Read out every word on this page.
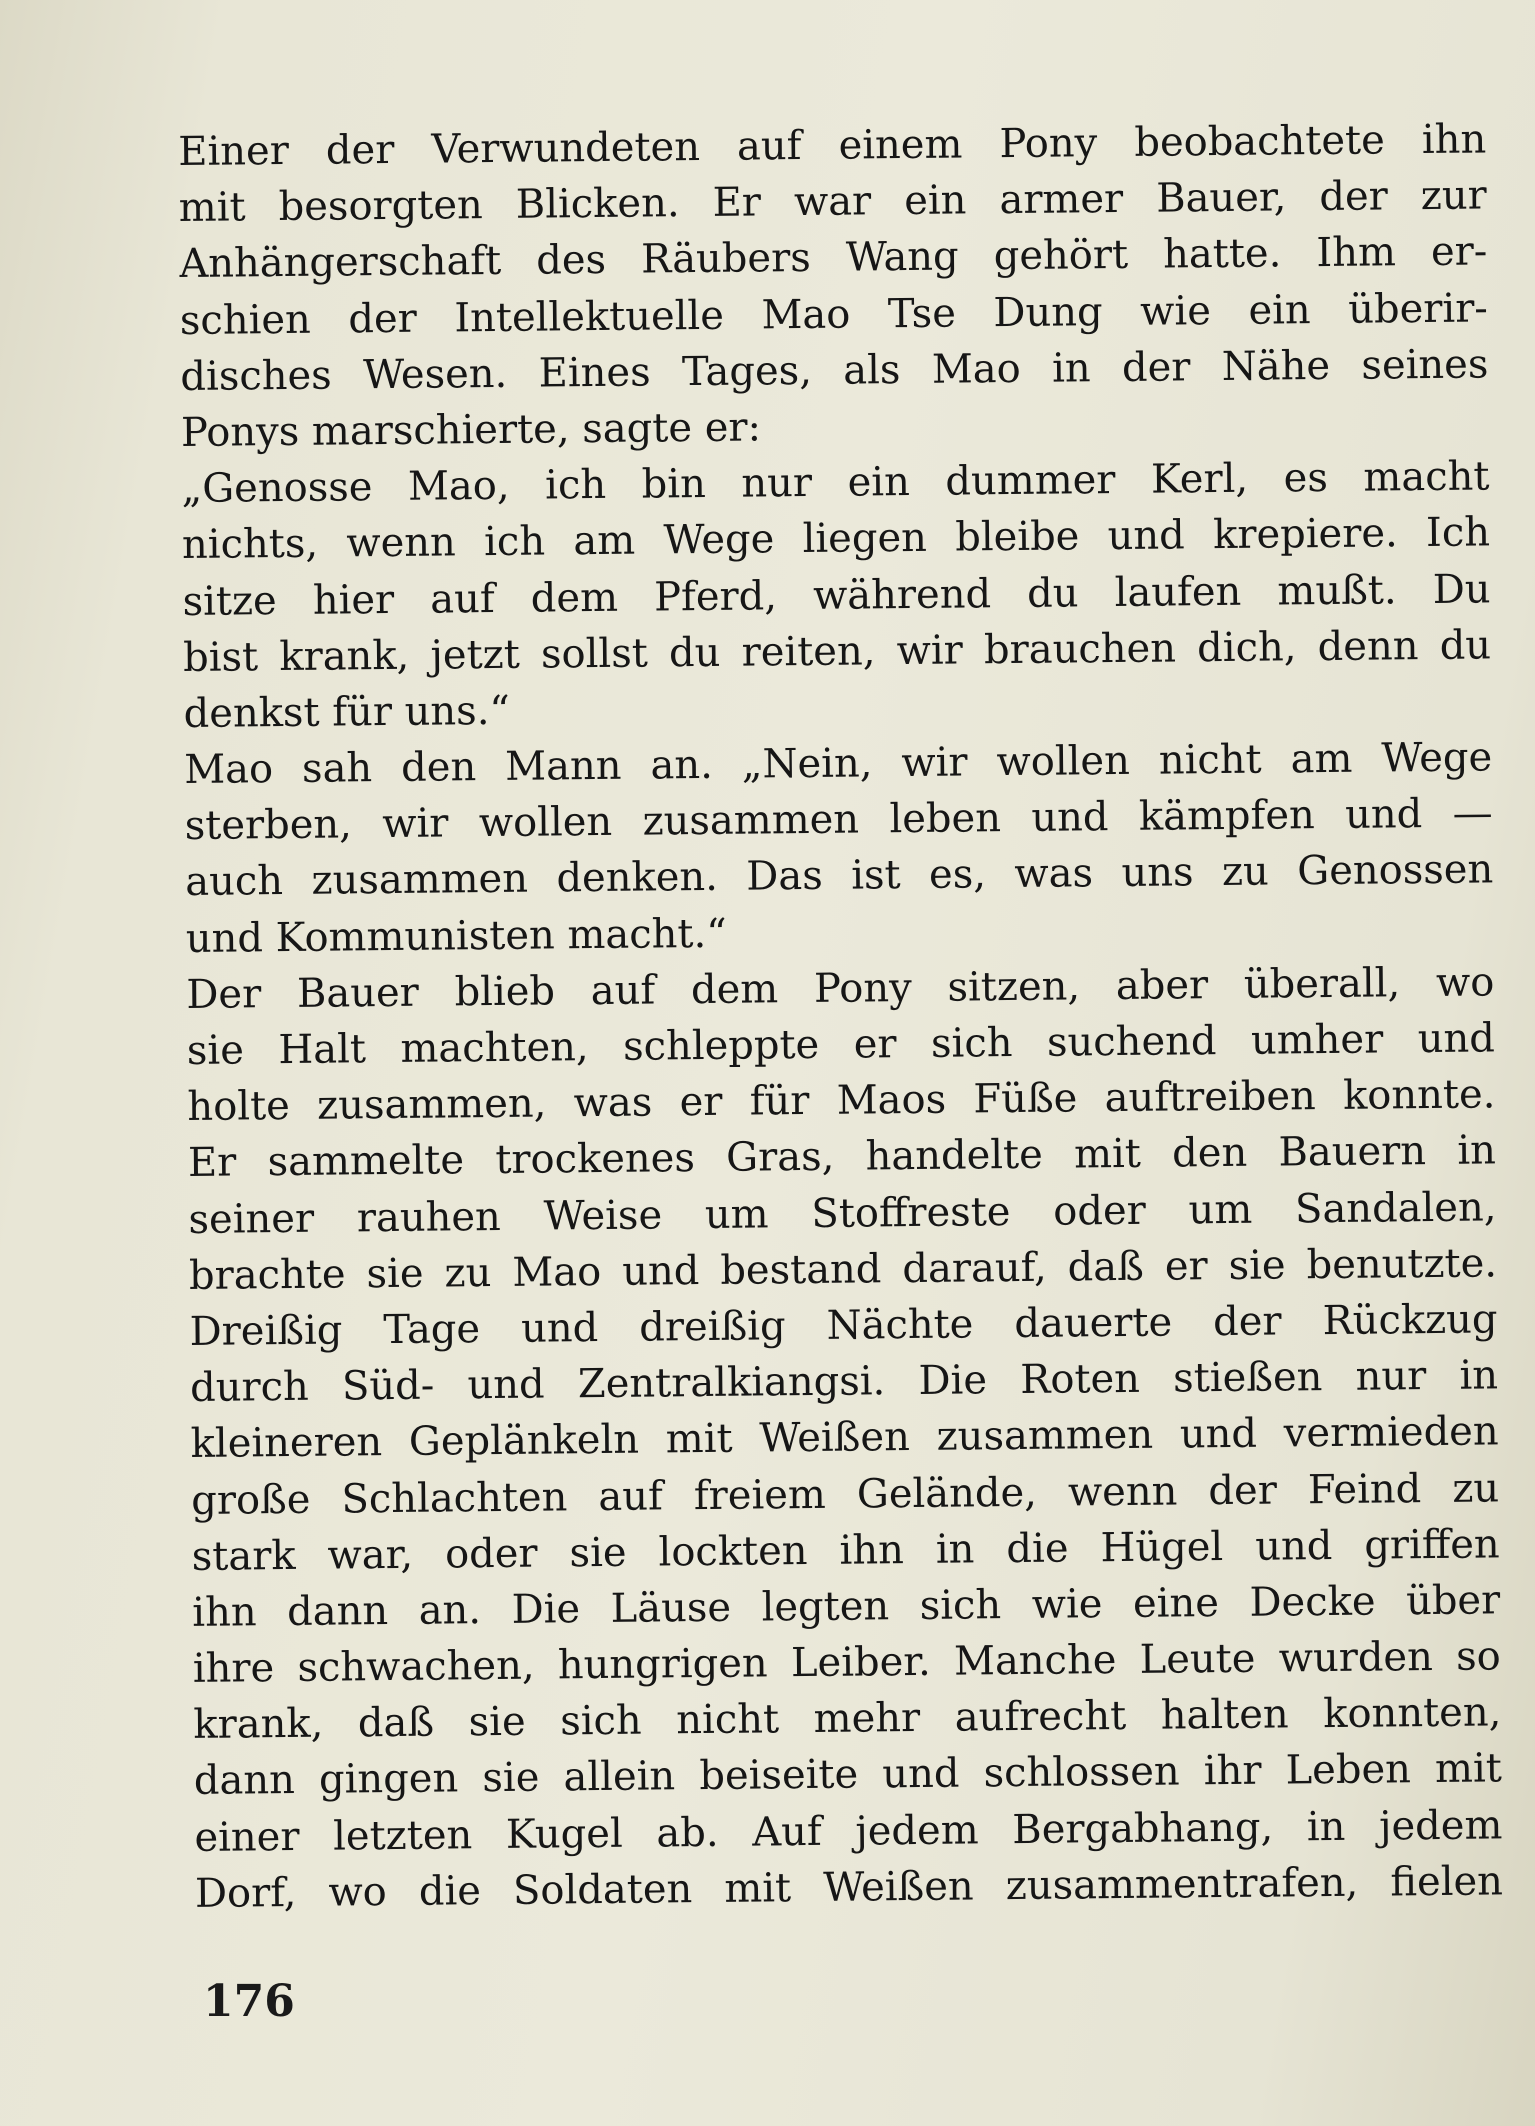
Einer der Verwundeten auf einem Pony beobachtete ihn
mit besorgten Blicken. Er war ein armer Bauer, der zur
Anhängerschaft des Räubers Wang gehört hatte. Ihm er-
schien der Intellektuelle Mao Tse Dung wie ein überir-
disches Wesen. Eines Tages, als Mao in der Nähe seines
Ponys marschierte, sagte er:
„Genosse Mao, ich bin nur ein dummer Kerl, es macht
nichts, wenn ich am Wege liegen bleibe und krepiere. Ich
sitze hier auf dem Pferd, während du laufen mußt. Du
bist krank, jetzt sollst du reiten, wir brauchen dich, denn du
denkst für uns.“
Mao sah den Mann an. „Nein, wir wollen nicht am Wege
sterben, wir wollen zusammen leben und kämpfen und —
auch zusammen denken. Das ist es, was uns zu Genossen
und Kommunisten macht.“
Der Bauer blieb auf dem Pony sitzen, aber überall, wo
sie Halt machten, schleppte er sich suchend umher und
holte zusammen, was er für Maos Füße auftreiben konnte.
Er sammelte trockenes Gras, handelte mit den Bauern in
seiner rauhen Weise um Stoffreste oder um Sandalen,
brachte sie zu Mao und bestand darauf, daß er sie benutzte.
Dreißig Tage und dreißig Nächte dauerte der Rückzug
durch Süd- und Zentralkiangsi. Die Roten stießen nur in
kleineren Geplänkeln mit Weißen zusammen und vermieden
große Schlachten auf freiem Gelände, wenn der Feind zu
stark war, oder sie lockten ihn in die Hügel und griffen
ihn dann an. Die Läuse legten sich wie eine Decke über
ihre schwachen, hungrigen Leiber. Manche Leute wurden so
krank, daß sie sich nicht mehr aufrecht halten konnten,
dann gingen sie allein beiseite und schlossen ihr Leben mit
einer letzten Kugel ab. Auf jedem Bergabhang, in jedem
Dorf, wo die Soldaten mit Weißen zusammentrafen, fielen
176
